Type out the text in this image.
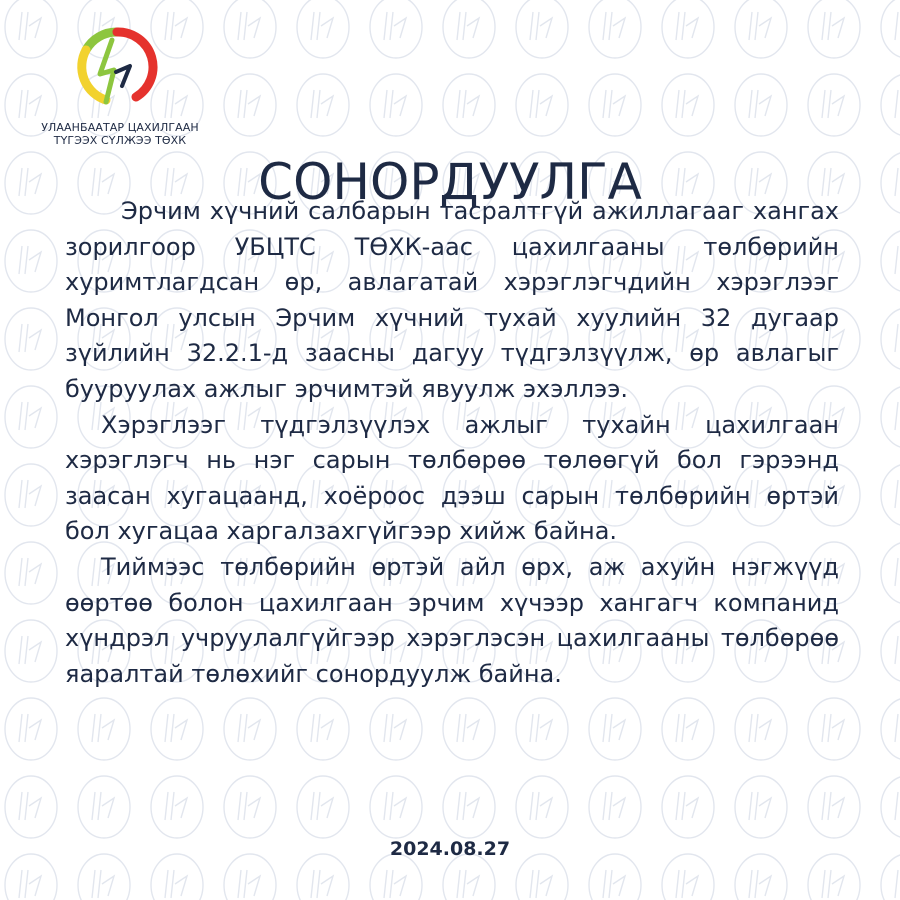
УЛААНБААТАР ЦАХИЛГААН
ТҮГЭЭХ СҮЛЖЭЭ ТӨХК
СОНОРДУУЛГА

Эрчим хүчний салбарын тасралтгүй ажиллагааг хангах зорилгоор УБЦТС ТӨХК-аас цахилгааны төлбөрийн хуримтлагдсан өр, авлагатай хэрэглэгчдийн хэрэглээг Монгол улсын Эрчим хүчний тухай хуулийн 32 дугаар зүйлийн 32.2.1-д заасны дагуу түдгэлзүүлж, өр авлагыг бууруулах ажлыг эрчимтэй явуулж эхэллээ.

Хэрэглээг түдгэлзүүлэх ажлыг тухайн цахилгаан хэрэглэгч нь нэг сарын төлбөрөө төлөөгүй бол гэрээнд заасан хугацаанд, хоёроос дээш сарын төлбөрийн өртэй бол хугацаа харгалзахгүйгээр хийж байна.

Тиймээс төлбөрийн өртэй айл өрх, аж ахуйн нэгжүүд өөртөө болон цахилгаан эрчим хүчээр хангагч компанид хүндрэл учруулалгүйгээр хэрэглэсэн цахилгааны төлбөрөө яаралтай төлөхийг сонордуулж байна.

2024.08.27
